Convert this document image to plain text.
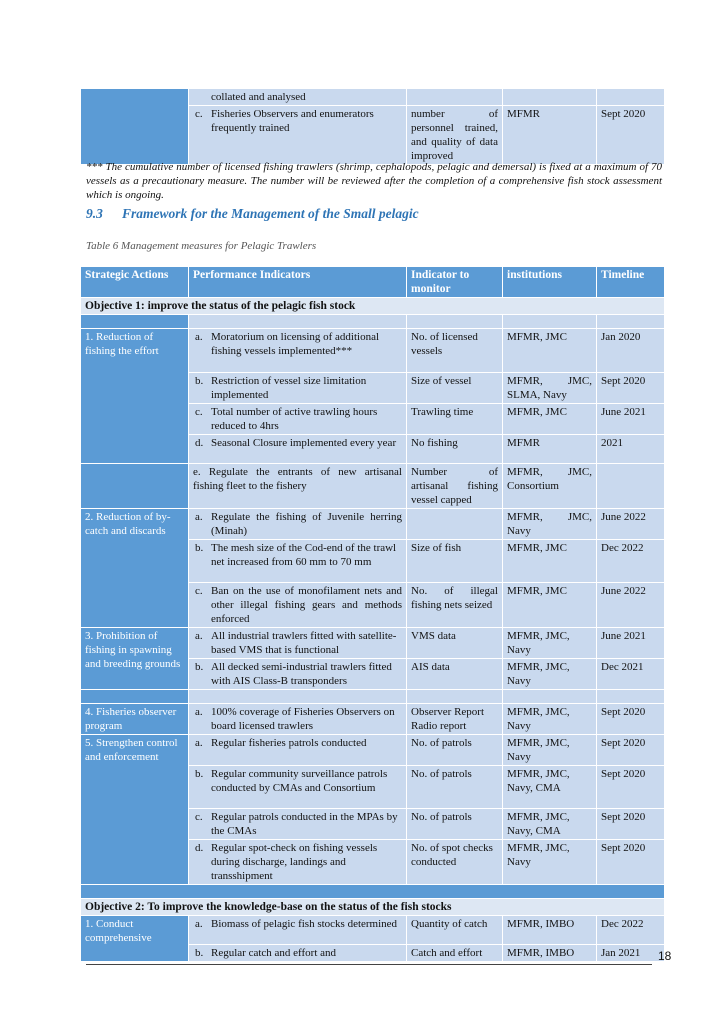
	collated and analysed			

	c. Fisheries Observers and enumerators frequently trained	number of personnel trained, and quality of data improved	MFMR	Sept 2020
*** The cumulative number of licensed fishing trawlers (shrimp, cephalopods, pelagic and demersal) is fixed at a maximum of 70 vessels as a precautionary measure. The number will be reviewed after the completion of a comprehensive fish stock assessment which is ongoing.
9.3 Framework for the Management of the Small pelagic
Table 6 Management measures for Pelagic Trawlers
Strategic Actions	Performance Indicators	Indicator to monitor	institutions	Timeline
Objective 1: improve the status of the pelagic fish stock				

1. Reduction of fishing the effort	a. Moratorium on licensing of additional fishing vessels implemented***	No. of licensed vessels	MFMR, JMC	Jan 2020

	b. Restriction of vessel size limitation implemented	Size of vessel	MFMR, JMC, SLMA, Navy	Sept 2020

	c. Total number of active trawling hours reduced to 4hrs	Trawling time	MFMR, JMC	June 2021

	d. Seasonal Closure implemented every year	No fishing	MFMR	2021
	e. Regulate the entrants of new artisanal fishing fleet to the fishery	Number of artisanal fishing vessel capped	MFMR, JMC, Consortium	
2. Reduction of by-catch and discards	a. Regulate the fishing of Juvenile herring (Minah)		MFMR, JMC, Navy	June 2022

	b. The mesh size of the Cod-end of the trawl net increased from 60 mm to 70 mm	Size of fish	MFMR, JMC	Dec 2022

	c. Ban on the use of monofilament nets and other illegal fishing gears and methods enforced	No. of illegal fishing nets seized	MFMR, JMC	June 2022
3. Prohibition of fishing in spawning and breeding grounds	a. All industrial trawlers fitted with satellite-based VMS that is functional	VMS data	MFMR, JMC, Navy	June 2021

	b. All decked semi-industrial trawlers fitted with AIS Class-B transponders	AIS data	MFMR, JMC, Navy	Dec 2021

4. Fisheries observer program	a. 100% coverage of Fisheries Observers on board licensed trawlers	Observer Report Radio report	MFMR, JMC, Navy	Sept 2020
5. Strengthen control and enforcement	a. Regular fisheries patrols conducted	No. of patrols	MFMR, JMC, Navy	Sept 2020

	b. Regular community surveillance patrols conducted by CMAs and Consortium	No. of patrols	MFMR, JMC, Navy, CMA	Sept 2020

	c. Regular patrols conducted in the MPAs by the CMAs	No. of patrols	MFMR, JMC, Navy, CMA	Sept 2020

	d. Regular spot-check on fishing vessels during discharge, landings and transshipment	No. of spot checks conducted	MFMR, JMC, Navy	Sept 2020

Objective 2: To improve the knowledge-base on the status of the fish stocks				
1. Conduct comprehensive	a. Biomass of pelagic fish stocks determined	Quantity of catch	MFMR, IMBO	Dec 2022

	b. Regular catch and effort and	Catch and effort	MFMR, IMBO	Jan 2021 18
